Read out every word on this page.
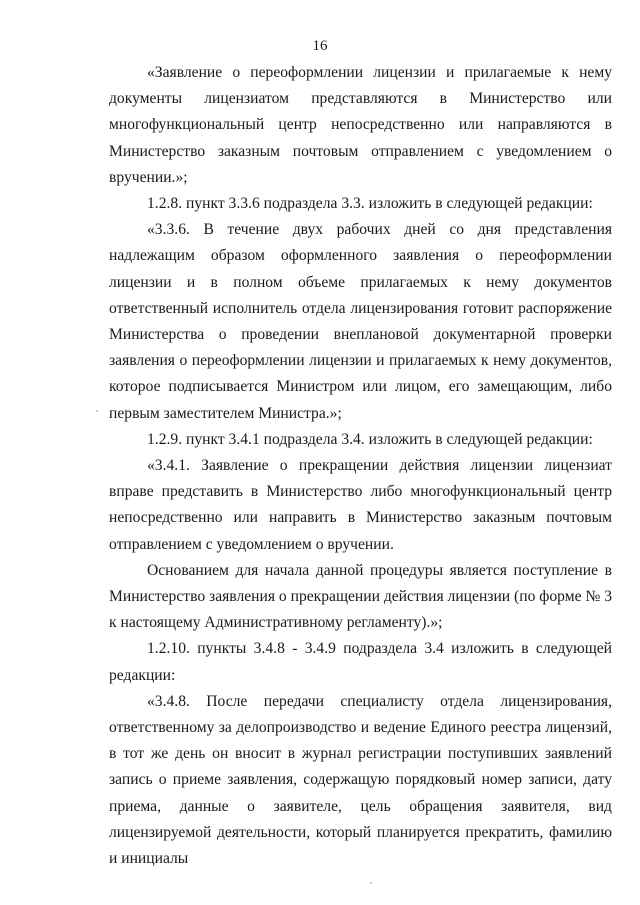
16

«Заявление о переоформлении лицензии и прилагаемые к нему документы лицензиатом представляются в Министерство или многофункциональный центр непосредственно или направляются в Министерство заказным почтовым отправлением с уведомлением о вручении.»;

1.2.8. пункт 3.3.6 подраздела 3.3. изложить в следующей редакции:

«3.3.6. В течение двух рабочих дней со дня представления надлежащим образом оформленного заявления о переоформлении лицензии и в полном объеме прилагаемых к нему документов ответственный исполнитель отдела лицензирования готовит распоряжение Министерства о проведении внеплановой документарной проверки заявления о переоформлении лицензии и прилагаемых к нему документов, которое подписывается Министром или лицом, его замещающим, либо первым заместителем Министра.»;

1.2.9. пункт 3.4.1 подраздела 3.4. изложить в следующей редакции:

«3.4.1. Заявление о прекращении действия лицензии лицензиат вправе представить в Министерство либо многофункциональный центр непосредственно или направить в Министерство заказным почтовым отправлением с уведомлением о вручении.

Основанием для начала данной процедуры является поступление в Министерство заявления о прекращении действия лицензии (по форме № 3 к настоящему Административному регламенту).»;

1.2.10. пункты 3.4.8 - 3.4.9 подраздела 3.4 изложить в следующей редакции:

«3.4.8. После передачи специалисту отдела лицензирования, ответственному за делопроизводство и ведение Единого реестра лицензий, в тот же день он вносит в журнал регистрации поступивших заявлений запись о приеме заявления, содержащую порядковый номер записи, дату приема, данные о заявителе, цель обращения заявителя, вид лицензируемой деятельности, который планируется прекратить, фамилию и инициалы
